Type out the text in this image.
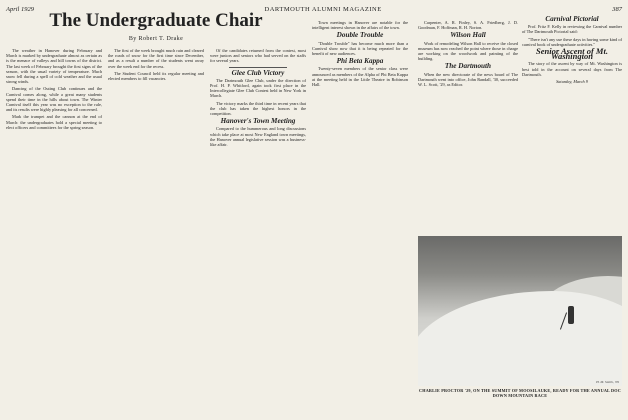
April 1929	DARTMOUTH ALUMNI MAGAZINE	387
The Undergraduate Chair
By Robert T. Drake

The weather in Hanover during February and March is marked by undergraduate almost as certain as is the menace of valleys and hill towns of the district. The last week of February brought the first signs of the season, with the usual variety of temperature. Much snow fell during a spell of cold weather and the usual strong winds.

Dancing of the Outing Club continues and the Carnival comes along, while a great many students spend their time in the hills about town. The Winter Carnival itself this year was no exception to the rule, and its results were highly pleasing for all concerned.

Mark the trumpet and the cannon at the end of March: the undergraduates hold a special meeting to elect officers and committees for the spring season.

The first of the week brought much rain and cleared the roads of snow for the first time since December, and as a result a number of the students went away over the week end for the recess.

The Student Council held its regular meeting and elected members to fill vacancies.

Of the candidates returned from the contest, most were juniors and seniors who had served on the staffs for several years.

Glee Club Victory

The Dartmouth Glee Club, under the direction of Prof. H. P. Whitford, again took first place in the Intercollegiate Glee Club Contest held in New York in March.

The victory marks the third time in recent years that the club has taken the highest honors in the competition.

Hanover's Town Meeting

Compared to the hummerous and long discussions which take place at most New England town meetings, the Hanover annual legislative session was a business-like affair.

Town meetings in Hanover are notable for the intelligent interest shown in the affairs of the town.

Double Trouble

"Double Trouble" has become much more than a Carnival show now that it is being repeated for the benefit of new audiences.

Phi Beta Kappa

Twenty-seven members of the senior class were announced as members of the Alpha of Phi Beta Kappa at the meeting held in the Little Theatre in Robinson Hall.

Carpenter, A. R. Finley, S. A. Friedberg, J. D. Goodman, F. Hoffman, R. H. Norton.

Wilson Hall

Work of remodeling Wilson Hall to receive the closed museum has now reached the point where those in charge are working on the woodwork and painting of the building.

The Dartmouth

When the new directorate of the news board of The Dartmouth went into office, John Randall, '30, succeeded W. L. Scott, '29, as Editor.

Carnival Pictorial

Prof. Fritz F. Kelly in reviewing the Carnival number of The Dartmouth Pictorial said:

"There isn't any use these days in having some kind of carnival book of undergraduate activities."

Senior Ascent of Mt. Washington

The story of the ascent by way of Mt. Washington is best told in the account on several days from The Dartmouth.

Saturday, March 9

H. M. Smith, '09
CHARLIE PROCTOR '29, ON THE SUMMIT OF MOOSILAUKE, READY FOR THE ANNUAL DOC DOWN MOUNTAIN RACE
